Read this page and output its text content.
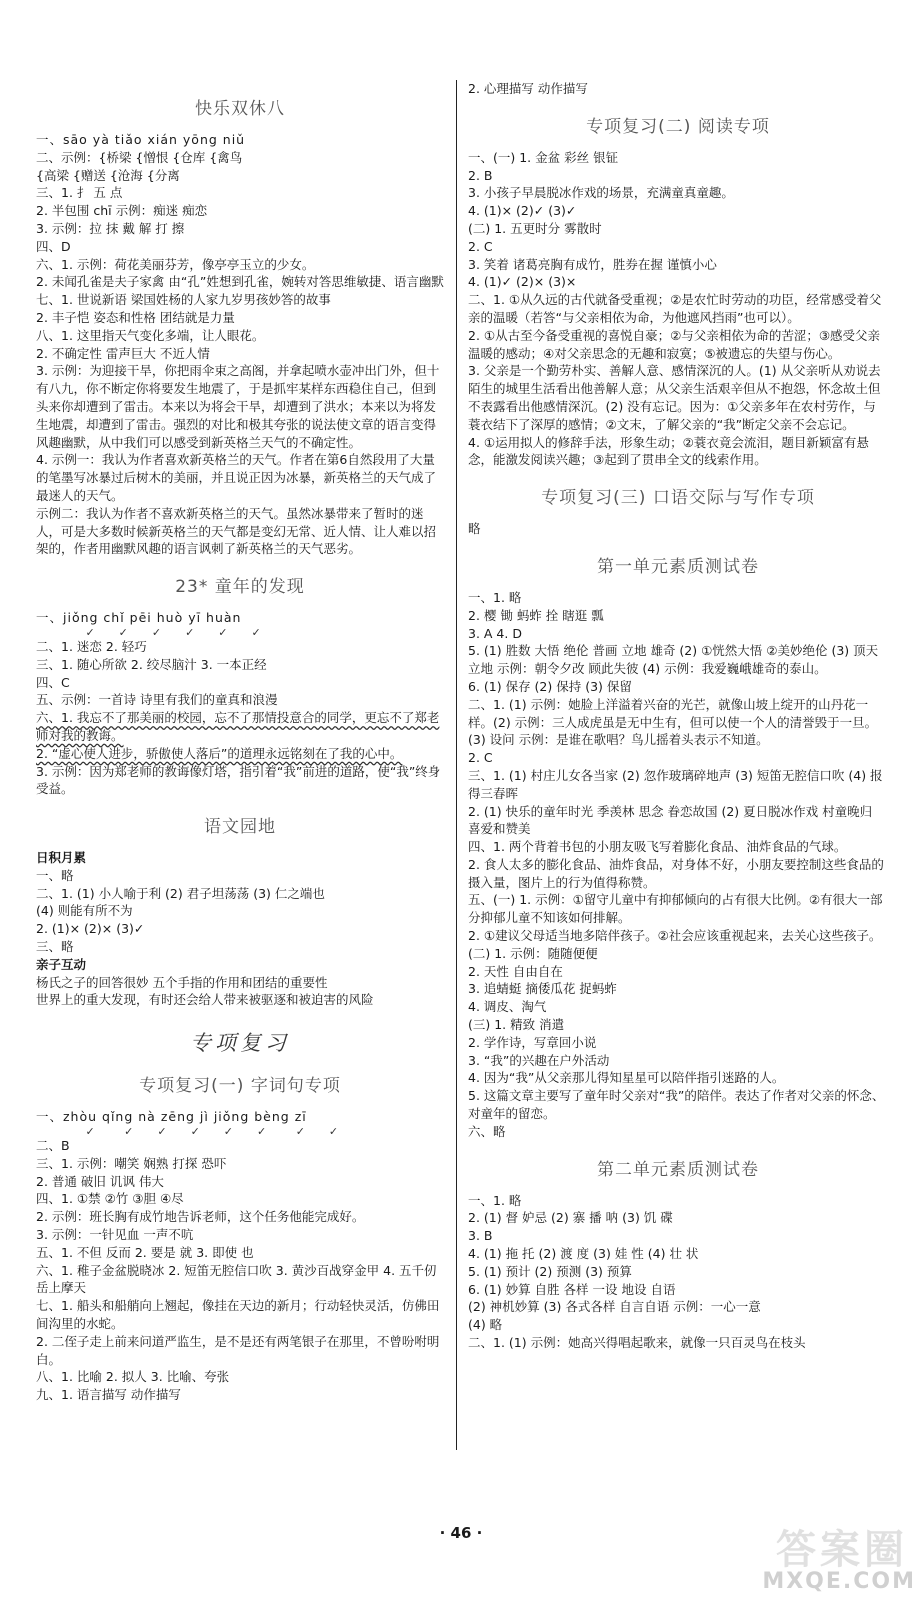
快乐双休八
一、sāo yà tiǎo xián yōng niǔ
二、示例：{桥梁 {憎恨 {仓库 {禽鸟
{高梁 {赠送 {沧海 {分离
三、1. 扌 五 点
2. 半包围 chī 示例：痴迷 痴恋
3. 示例：拉 抹 戴 解 打 擦
四、D
六、1. 示例：荷花美丽芬芳，像亭亭玉立的少女。
2. 未闻孔雀是夫子家禽 由“孔”姓想到孔雀，婉转对答思维敏捷、语言幽默
七、1. 世说新语 梁国姓杨的人家九岁男孩妙答的故事
2. 丰子恺 姿态和性格 团结就是力量
八、1. 这里指天气变化多端，让人眼花。
2. 不确定性 雷声巨大 不近人情
3. 示例：为迎接干旱，你把雨伞束之高阁，并拿起喷水壶冲出门外，但十有八九，你不断定你将要发生地震了，于是抓牢某样东西稳住自己，但到头来你却遭到了雷击。本来以为将会干旱，却遭到了洪水；本来以为将发生地震，却遭到了雷击。强烈的对比和极其夸张的说法使文章的语言变得风趣幽默，从中我们可以感受到新英格兰天气的不确定性。
4. 示例一：我认为作者喜欢新英格兰的天气。作者在第6自然段用了大量的笔墨写冰暴过后树木的美丽，并且说正因为冰暴，新英格兰的天气成了最迷人的天气。
示例二：我认为作者不喜欢新英格兰的天气。虽然冰暴带来了暂时的迷人，可是大多数时候新英格兰的天气都是变幻无常、近人情、让人难以招架的，作者用幽默风趣的语言讽刺了新英格兰的天气恶劣。
23* 童年的发现
一、jiǒng chǐ pēi huò yī huàn
✓    ✓    ✓    ✓    ✓    ✓
二、1. 迷恋 2. 轻巧
三、1. 随心所欲 2. 绞尽脑汁 3. 一本正经
四、C
五、示例：一首诗 诗里有我们的童真和浪漫
六、1. 我忘不了那美丽的校园，忘不了那情投意合的同学，更忘不了郑老师对我的教诲。
2. “虚心使人进步，骄傲使人落后”的道理永远铭刻在了我的心中。
3. 示例：因为郑老师的教诲像灯塔，指引着“我”前进的道路，使“我”终身受益。
语文园地
日积月累
一、略
二、1. (1) 小人喻于利 (2) 君子坦荡荡 (3) 仁之端也
(4) 则能有所不为
2. (1)× (2)× (3)✓
三、略
亲子互动
杨氏之子的回答很妙 五个手指的作用和团结的重要性
世界上的重大发现，有时还会给人带来被驱逐和被迫害的风险
专项复习
专项复习(一) 字词句专项
一、zhòu qǐng nà zēng jì jiǒng bèng zī
✓     ✓    ✓    ✓    ✓    ✓     ✓    ✓
二、B
三、1. 示例：嘲笑 娴熟 打探 恐吓
2. 普通 破旧 讥讽 伟大
四、1. ①禁 ②竹 ③胆 ④尽
2. 示例：班长胸有成竹地告诉老师，这个任务他能完成好。
3. 示例：一针见血 一声不吭
五、1. 不但 反而 2. 要是 就 3. 即使 也
六、1. 稚子金盆脱晓冰 2. 短笛无腔信口吹 3. 黄沙百战穿金甲 4. 五千仞岳上摩天
七、1. 船头和船艄向上翘起，像挂在天边的新月；行动轻快灵活，仿佛田间沟里的水蛇。
2. 二侄子走上前来问道严监生，是不是还有两笔银子在那里，不曾吩咐明白。
八、1. 比喻 2. 拟人 3. 比喻、夸张
九、1. 语言描写 动作描写
2. 心理描写 动作描写
专项复习(二) 阅读专项
一、(一) 1. 金盆 彩丝 银钲
2. B
3. 小孩子早晨脱冰作戏的场景，充满童真童趣。
4. (1)× (2)✓ (3)✓
(二) 1. 五更时分 雾散时
2. C
3. 笑着 诸葛亮胸有成竹，胜券在握 谨慎小心
4. (1)✓ (2)× (3)×
二、1. ①从久远的古代就备受重视；②是农忙时劳动的功臣，经常感受着父亲的温暖（若答“与父亲相依为命，为他遮风挡雨”也可以）。
2. ①从古至今备受重视的喜悦自豪；②与父亲相依为命的苦涩；③感受父亲温暖的感动；④对父亲思念的无趣和寂寞；⑤被遗忘的失望与伤心。
3. 父亲是一个勤劳朴实、善解人意、感情深沉的人。(1) 从父亲听从劝说去陌生的城里生活看出他善解人意；从父亲生活艰辛但从不抱怨，怀念故土但不表露看出他感情深沉。(2) 没有忘记。因为：①父亲多年在农村劳作，与蓑衣结下了深厚的感情；②文末，了解父亲的“我”断定父亲不会忘记。
4. ①运用拟人的修辞手法，形象生动；②蓑衣竟会流泪，题目新颖富有悬念，能激发阅读兴趣；③起到了贯串全文的线索作用。
专项复习(三) 口语交际与写作专项
略
第一单元素质测试卷
一、1. 略
2. 樱 锄 蚂蚱 拴 瞎逛 瓢
3. A 4. D
5. (1) 胜数 大悟 绝伦 普画 立地 雄奇 (2) ①恍然大悟 ②美妙绝伦 (3) 顶天立地 示例：朝令夕改 顾此失彼 (4) 示例：我爱巍峨雄奇的泰山。
6. (1) 保存 (2) 保持 (3) 保留
二、1. (1) 示例：她脸上洋溢着兴奋的光芒，就像山坡上绽开的山丹花一样。(2) 示例：三人成虎虽是无中生有，但可以使一个人的清誉毁于一旦。(3) 设问 示例：是谁在歌唱？鸟儿摇着头表示不知道。
2. C
三、1. (1) 村庄儿女各当家 (2) 忽作玻璃碎地声 (3) 短笛无腔信口吹 (4) 报得三春晖
2. (1) 快乐的童年时光 季羡林 思念 眷恋故国 (2) 夏日脱冰作戏 村童晚归 喜爱和赞美
四、1. 两个背着书包的小朋友吸飞写着膨化食品、油炸食品的气球。
2. 食人太多的膨化食品、油炸食品，对身体不好，小朋友要控制这些食品的摄入量，图片上的行为值得称赞。
五、(一) 1. 示例：①留守儿童中有抑郁倾向的占有很大比例。②有很大一部分抑郁儿童不知该如何排解。
2. ①建议父母适当地多陪伴孩子。②社会应该重视起来，去关心这些孩子。
(二) 1. 示例：随随便便
2. 天性 自由自在
3. 追蜻蜓 摘倭瓜花 捉蚂蚱
4. 调皮、淘气
(三) 1. 精致 消遣
2. 学作诗，写章回小说
3. “我”的兴趣在户外活动
4. 因为“我”从父亲那儿得知星星可以陪伴指引迷路的人。
5. 这篇文章主要写了童年时父亲对“我”的陪伴。表达了作者对父亲的怀念、对童年的留恋。
六、略
第二单元素质测试卷
一、1. 略
2. (1) 督 妒忌 (2) 寨 播 呐 (3) 饥 碟
3. B
4. (1) 拖 托 (2) 渡 度 (3) 娃 性 (4) 壮 状
5. (1) 预计 (2) 预测 (3) 预算
6. (1) 妙算 自胜 各样 一设 地设 自语
(2) 神机妙算 (3) 各式各样 自言自语 示例：一心一意
(4) 略
二、1. (1) 示例：她高兴得唱起歌来，就像一只百灵鸟在枝头
· 46 ·	答案圈
MXQE.COM
